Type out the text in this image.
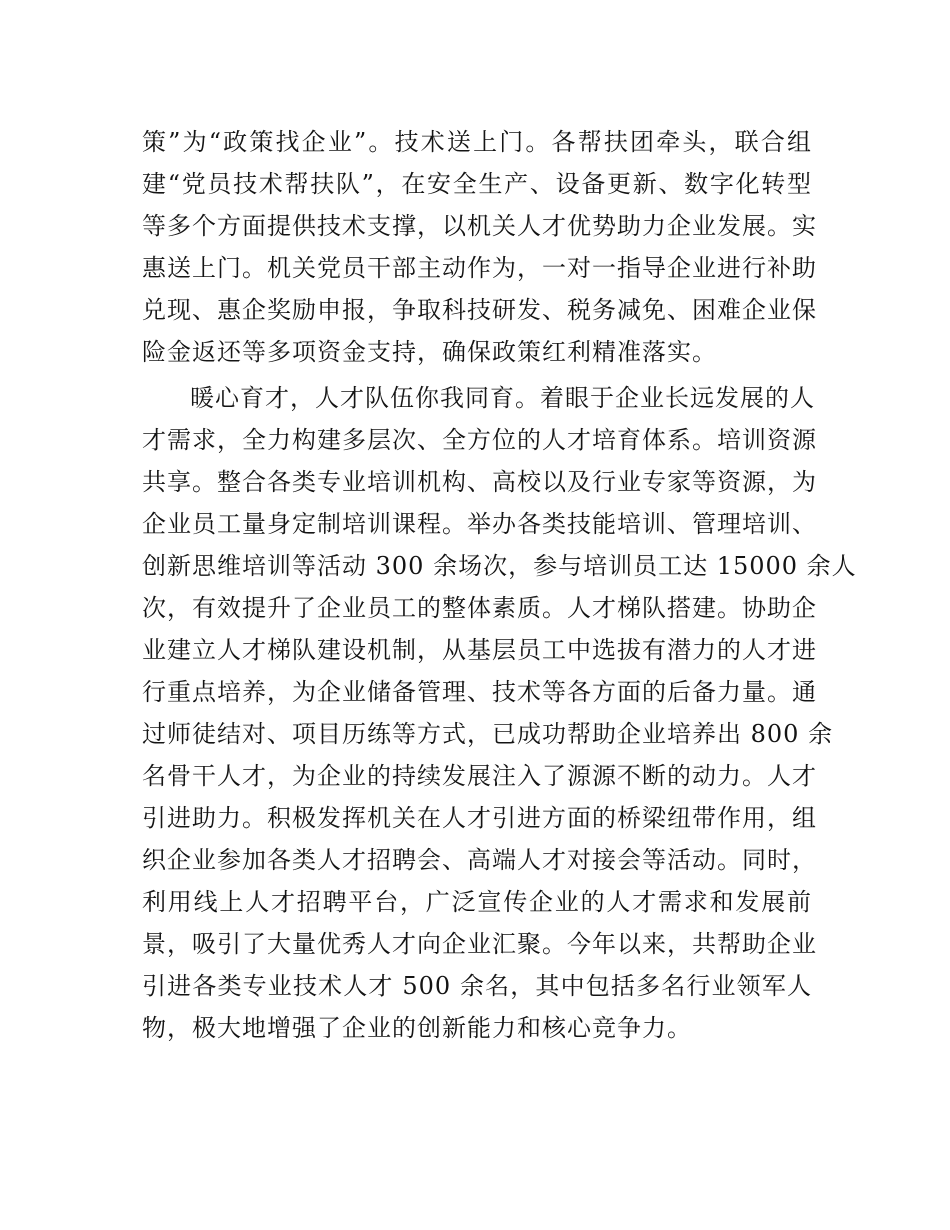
策”为“政策找企业”。技术送上门。各帮扶团牵头，联合组
建“党员技术帮扶队”，在安全生产、设备更新、数字化转型
等多个方面提供技术支撑，以机关人才优势助力企业发展。实
惠送上门。机关党员干部主动作为，一对一指导企业进行补助
兑现、惠企奖励申报，争取科技研发、税务减免、困难企业保
险金返还等多项资金支持，确保政策红利精准落实。
暖心育才，人才队伍你我同育。着眼于企业长远发展的人
才需求，全力构建多层次、全方位的人才培育体系。培训资源
共享。整合各类专业培训机构、高校以及行业专家等资源，为
企业员工量身定制培训课程。举办各类技能培训、管理培训、
创新思维培训等活动 300 余场次，参与培训员工达 15000 余人
次，有效提升了企业员工的整体素质。人才梯队搭建。协助企
业建立人才梯队建设机制，从基层员工中选拔有潜力的人才进
行重点培养，为企业储备管理、技术等各方面的后备力量。通
过师徒结对、项目历练等方式，已成功帮助企业培养出 800 余
名骨干人才，为企业的持续发展注入了源源不断的动力。人才
引进助力。积极发挥机关在人才引进方面的桥梁纽带作用，组
织企业参加各类人才招聘会、高端人才对接会等活动。同时，
利用线上人才招聘平台，广泛宣传企业的人才需求和发展前
景，吸引了大量优秀人才向企业汇聚。今年以来，共帮助企业
引进各类专业技术人才 500 余名，其中包括多名行业领军人
物，极大地增强了企业的创新能力和核心竞争力。
